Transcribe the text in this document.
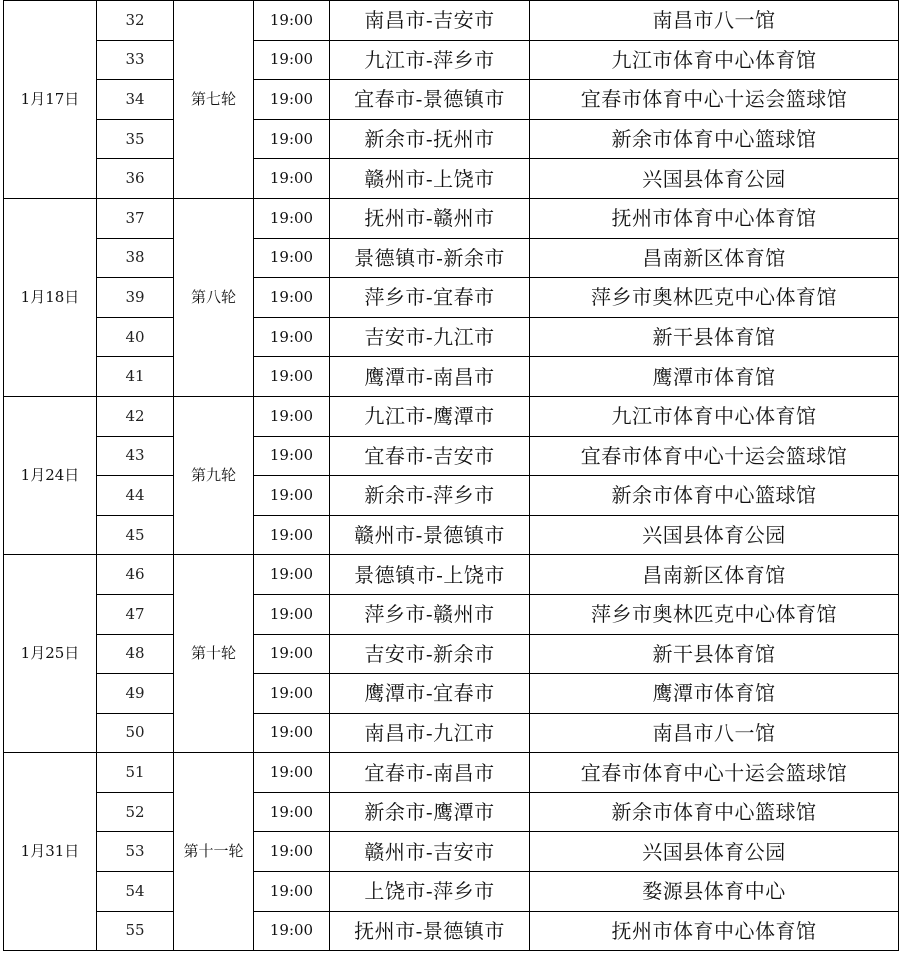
1月17日	32	第七轮	19:00	南昌市-吉安市	南昌市八一馆
	33		19:00	九江市-萍乡市	九江市体育中心体育馆
	34		19:00	宜春市-景德镇市	宜春市体育中心十运会篮球馆
	35		19:00	新余市-抚州市	新余市体育中心篮球馆
	36		19:00	赣州市-上饶市	兴国县体育公园
1月18日	37	第八轮	19:00	抚州市-赣州市	抚州市体育中心体育馆
	38		19:00	景德镇市-新余市	昌南新区体育馆
	39		19:00	萍乡市-宜春市	萍乡市奥林匹克中心体育馆
	40		19:00	吉安市-九江市	新干县体育馆
	41		19:00	鹰潭市-南昌市	鹰潭市体育馆
1月24日	42	第九轮	19:00	九江市-鹰潭市	九江市体育中心体育馆
	43		19:00	宜春市-吉安市	宜春市体育中心十运会篮球馆
	44		19:00	新余市-萍乡市	新余市体育中心篮球馆
	45		19:00	赣州市-景德镇市	兴国县体育公园
1月25日	46	第十轮	19:00	景德镇市-上饶市	昌南新区体育馆
	47		19:00	萍乡市-赣州市	萍乡市奥林匹克中心体育馆
	48		19:00	吉安市-新余市	新干县体育馆
	49		19:00	鹰潭市-宜春市	鹰潭市体育馆
	50		19:00	南昌市-九江市	南昌市八一馆
1月31日	51	第十一轮	19:00	宜春市-南昌市	宜春市体育中心十运会篮球馆
	52		19:00	新余市-鹰潭市	新余市体育中心篮球馆
	53		19:00	赣州市-吉安市	兴国县体育公园
	54		19:00	上饶市-萍乡市	婺源县体育中心
	55		19:00	抚州市-景德镇市	抚州市体育中心体育馆
